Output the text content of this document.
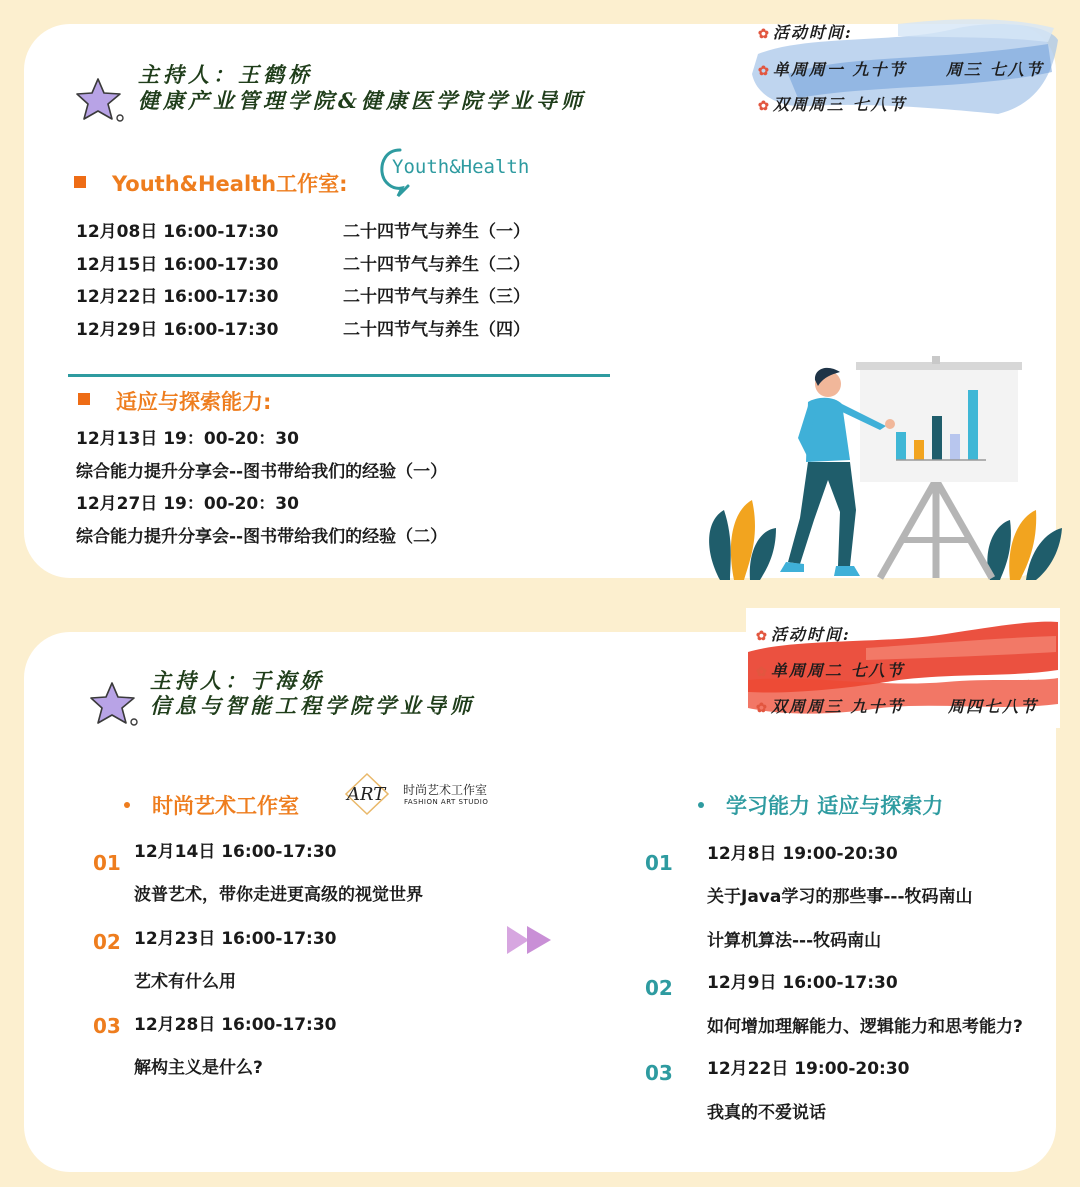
主持人：王鹤桥
健康产业管理学院&健康医学院学业导师
✿ 活动时间:
✿ 单周周一 九十节 周三 七八节
✿ 双周周三 七八节
Youth&Health工作室:
Youth&Health
12月08日 16:00-17:30	二十四节气与养生（一）
12月15日 16:00-17:30	二十四节气与养生（二）
12月22日 16:00-17:30	二十四节气与养生（三）
12月29日 16:00-17:30	二十四节气与养生（四）
适应与探索能力:
12月13日 19：00-20：30
综合能力提升分享会--图书带给我们的经验（一）
12月27日 19：00-20：30
综合能力提升分享会--图书带给我们的经验（二）
主持人：于海娇
信息与智能工程学院学业导师
✿ 活动时间:
✿ 单周周二 七八节
✿ 双周周三 九十节	周四七八节
时尚艺术工作室	ART 时尚艺术工作室
FASHION ART STUDIO
01 12月14日 16:00-17:30
波普艺术，带你走进更高级的视觉世界
02 12月23日 16:00-17:30
艺术有什么用
03 12月28日 16:00-17:30
解构主义是什么?
学习能力 适应与探索力
01 12月8日 19:00-20:30
关于Java学习的那些事---牧码南山
计算机算法---牧码南山
02 12月9日 16:00-17:30
如何增加理解能力、逻辑能力和思考能力?
03 12月22日 19:00-20:30
我真的不爱说话
